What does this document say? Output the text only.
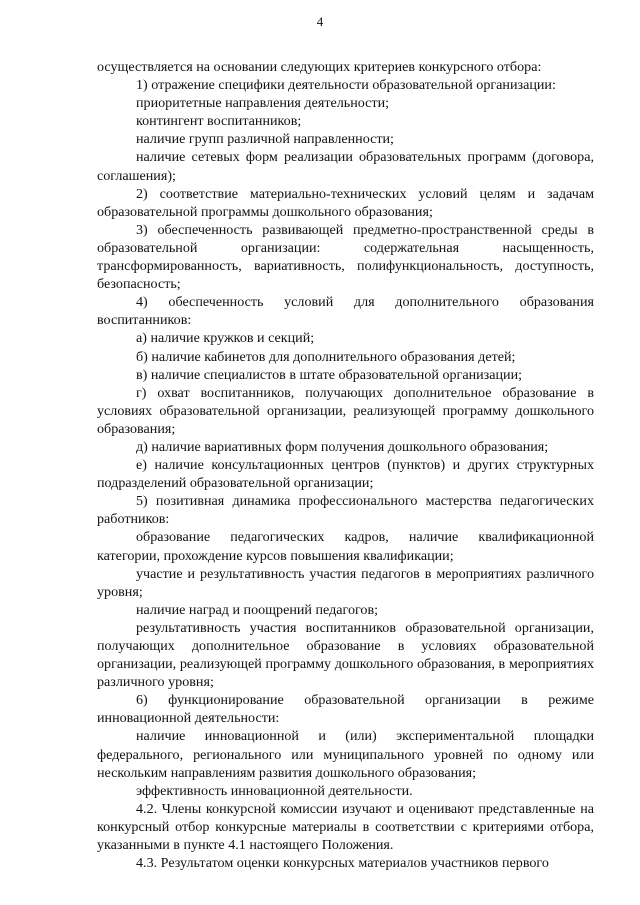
4

осуществляется на основании следующих критериев конкурсного отбора:

1) отражение специфики деятельности образовательной организации:

приоритетные направления деятельности;

контингент воспитанников;

наличие групп различной направленности;

наличие сетевых форм реализации образовательных программ (договора, соглашения);

2) соответствие материально-технических условий целям и задачам образовательной программы дошкольного образования;

3) обеспеченность развивающей предметно-пространственной среды в образовательной организации: содержательная насыщенность, трансформированность, вариативность, полифункциональность, доступность, безопасность;

4) обеспеченность условий для дополнительного образования воспитанников:

а) наличие кружков и секций;

б) наличие кабинетов для дополнительного образования детей;

в) наличие специалистов в штате образовательной организации;

г) охват воспитанников, получающих дополнительное образование в условиях образовательной организации, реализующей программу дошкольного образования;

д) наличие вариативных форм получения дошкольного образования;

е) наличие консультационных центров (пунктов) и других структурных подразделений образовательной организации;

5) позитивная динамика профессионального мастерства педагогических работников:

образование педагогических кадров, наличие квалификационной категории, прохождение курсов повышения квалификации;

участие и результативность участия педагогов в мероприятиях различного уровня;

наличие наград и поощрений педагогов;

результативность участия воспитанников образовательной организации, получающих дополнительное образование в условиях образовательной организации, реализующей программу дошкольного образования, в мероприятиях различного уровня;

6) функционирование образовательной организации в режиме инновационной деятельности:

наличие инновационной и (или) экспериментальной площадки федерального, регионального или муниципального уровней по одному или нескольким направлениям развития дошкольного образования;

эффективность инновационной деятельности.

4.2. Члены конкурсной комиссии изучают и оценивают представленные на конкурсный отбор конкурсные материалы в соответствии с критериями отбора, указанными в пункте 4.1 настоящего Положения.

4.3. Результатом оценки конкурсных материалов участников первого
